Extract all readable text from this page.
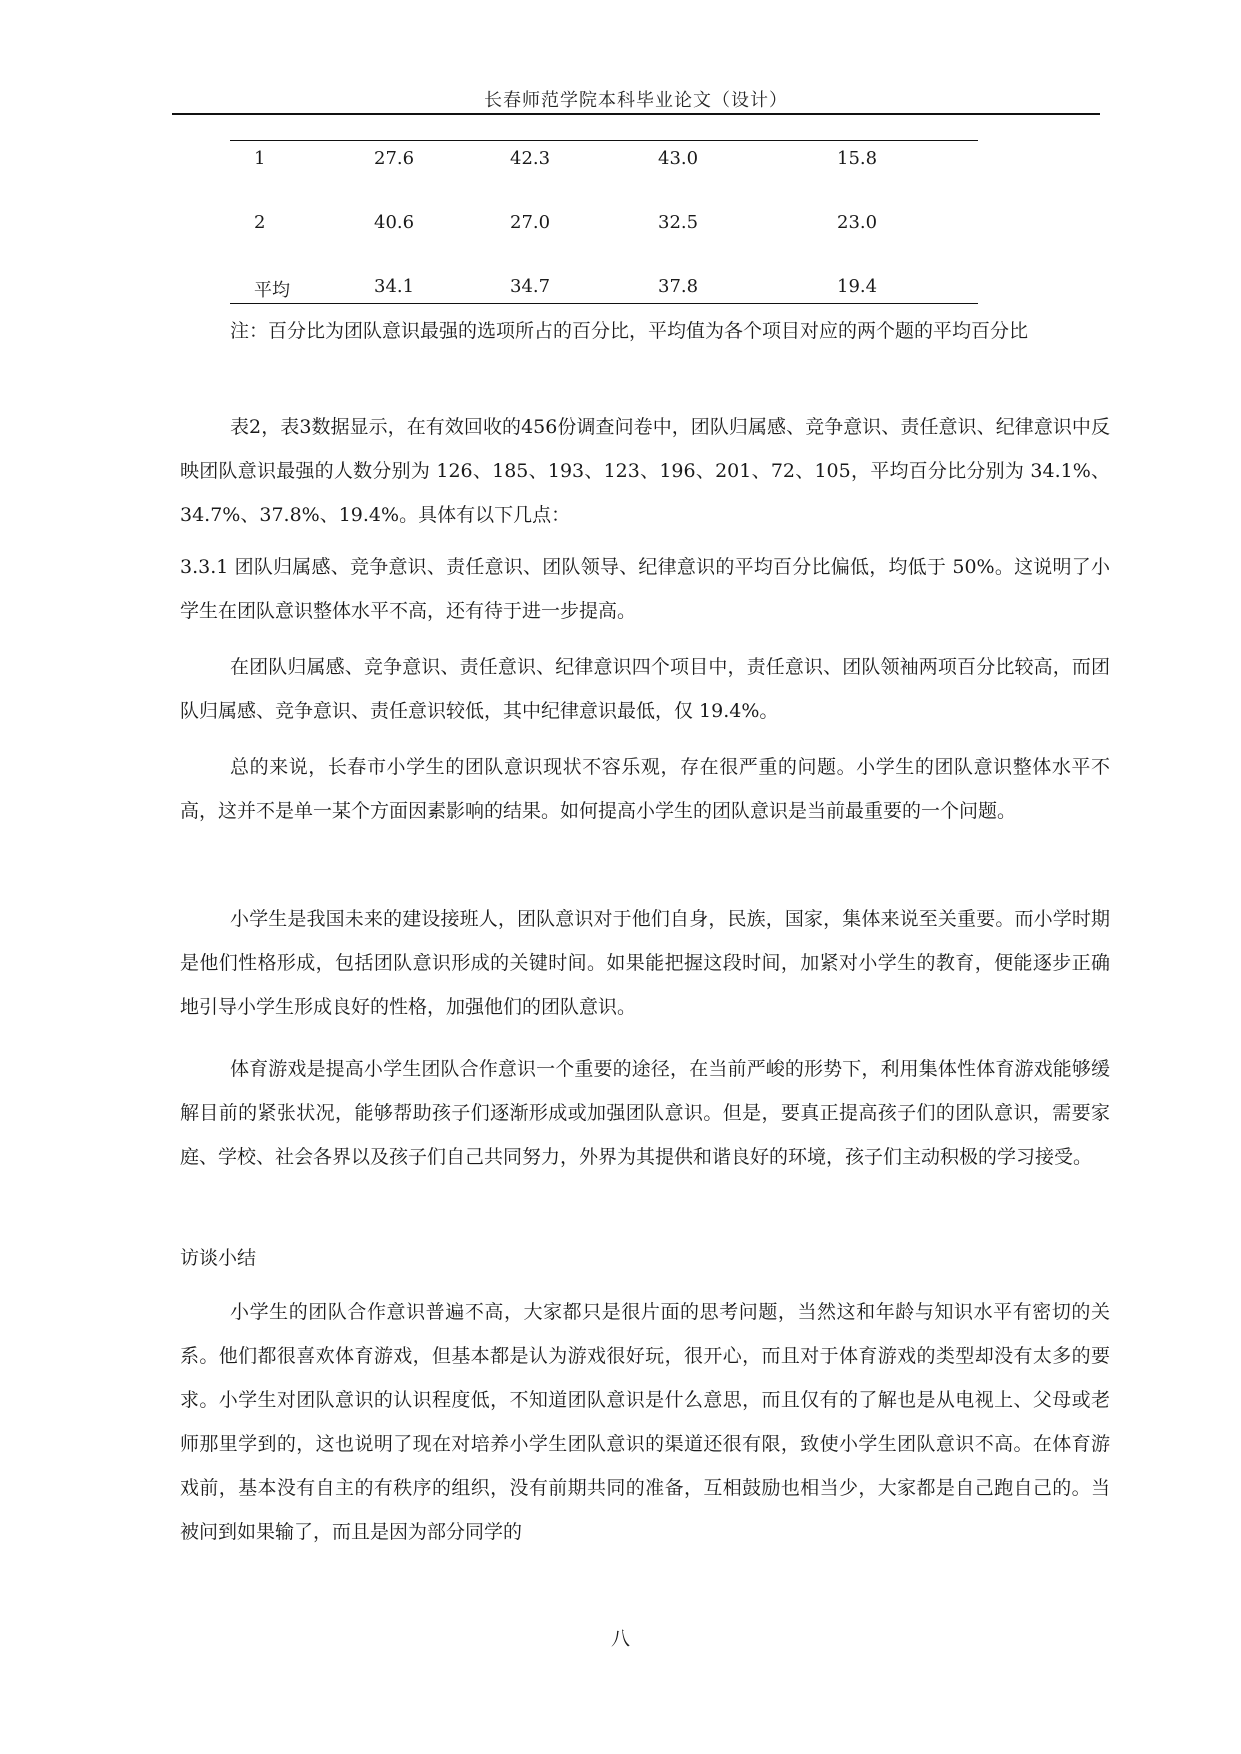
长春师范学院本科毕业论文（设计）
1	27.6	42.3	43.0	15.8
2	40.6	27.0	32.5	23.0
平均	34.1	34.7	37.8	19.4

注：百分比为团队意识最强的选项所占的百分比，平均值为各个项目对应的两个题的平均百分比

表2，表3数据显示，在有效回收的456份调查问卷中，团队归属感、竞争意识、责任意识、纪律意识中反映团队意识最强的人数分别为 126、185、193、123、196、201、72、105，平均百分比分别为 34.1%、34.7%、37.8%、19.4%。具体有以下几点：

3.3.1 团队归属感、竞争意识、责任意识、团队领导、纪律意识的平均百分比偏低，均低于 50%。这说明了小学生在团队意识整体水平不高，还有待于进一步提高。

在团队归属感、竞争意识、责任意识、纪律意识四个项目中，责任意识、团队领袖两项百分比较高，而团队归属感、竞争意识、责任意识较低，其中纪律意识最低，仅 19.4%。

总的来说，长春市小学生的团队意识现状不容乐观，存在很严重的问题。小学生的团队意识整体水平不高，这并不是单一某个方面因素影响的结果。如何提高小学生的团队意识是当前最重要的一个问题。

小学生是我国未来的建设接班人，团队意识对于他们自身，民族，国家，集体来说至关重要。而小学时期是他们性格形成，包括团队意识形成的关键时间。如果能把握这段时间，加紧对小学生的教育，便能逐步正确地引导小学生形成良好的性格，加强他们的团队意识。

体育游戏是提高小学生团队合作意识一个重要的途径，在当前严峻的形势下，利用集体性体育游戏能够缓解目前的紧张状况，能够帮助孩子们逐渐形成或加强团队意识。但是，要真正提高孩子们的团队意识，需要家庭、学校、社会各界以及孩子们自己共同努力，外界为其提供和谐良好的环境，孩子们主动积极的学习接受。

访谈小结

小学生的团队合作意识普遍不高，大家都只是很片面的思考问题，当然这和年龄与知识水平有密切的关系。他们都很喜欢体育游戏，但基本都是认为游戏很好玩，很开心，而且对于体育游戏的类型却没有太多的要求。小学生对团队意识的认识程度低，不知道团队意识是什么意思，而且仅有的了解也是从电视上、父母或老师那里学到的，这也说明了现在对培养小学生团队意识的渠道还很有限，致使小学生团队意识不高。在体育游戏前，基本没有自主的有秩序的组织，没有前期共同的准备，互相鼓励也相当少，大家都是自己跑自己的。当被问到如果输了，而且是因为部分同学的

八
